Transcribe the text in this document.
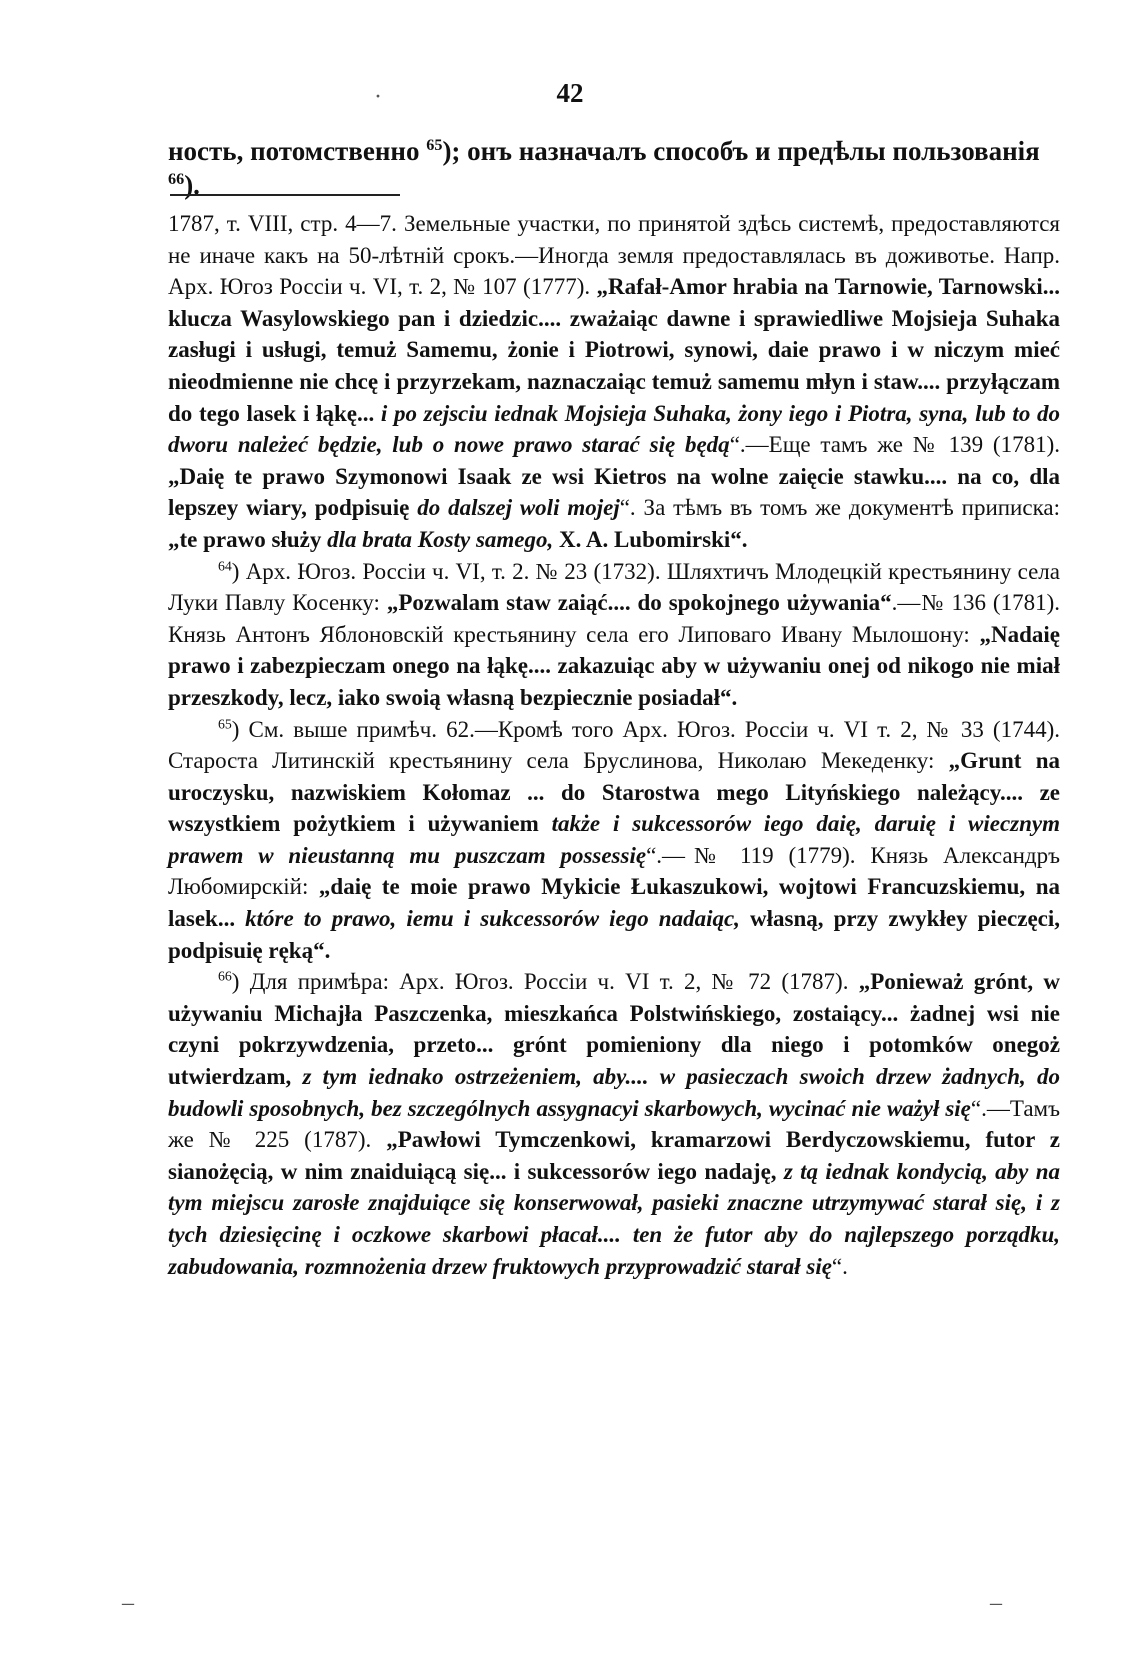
·	42
ность, потомственно $^{65}$); онъ назначалъ способъ и предѣлы пользованія $^{66}$).

1787, т. VIII, стр. 4—7. Земельные участки, по принятой здѣсь системѣ, предоставляются не иначе какъ на 50-лѣтній срокъ.—Иногда земля предоставлялась въ доживотье. Напр. Арх. Югоз Россіи ч. VI, т. 2, № 107 (1777). „Rafał-Amor hrabia na Tarnowie, Tarnowski... klucza Wasylowskiego pan i dziedzic.... zważaiąc dawne i sprawiedliwe Mojsieja Suhaka zasługi i usługi, temuż Samemu, żonie i Piotrowi, synowi, daie prawo i w niczym mieć nieodmienne nie chcę i przyrzekam, naznaczaiąc temuż samemu młyn i staw.... przyłączam do tego lasek i łąkę... i po zejsciu iednak Mojsieja Suhaka, żony iego i Piotra, syna, lub to do dworu należeć będzie, lub o nowe prawo starać się będą“.—Еще тамъ же № 139 (1781). „Daię te prawo Szymonowi Isaak ze wsi Kietros na wolne zaięcie stawku.... na co, dla lepszey wiary, podpisuię do dalszej woli mojej“. За тѣмъ въ томъ же документѣ приписка: „te prawo służy dla brata Kosty samego, X. A. Lubomirski“.

$^{64}$) Арх. Югоз. Россіи ч. VI, т. 2. № 23 (1732). Шляхтичъ Млодецкій крестьянину села Луки Павлу Косенку: „Pozwalam staw zaiąć.... do spokojnego używania“.—№ 136 (1781). Князь Антонъ Яблоновскій крестьянину села его Липоваго Ивану Мылошону: „Nadaię prawo i zabezpieczam onego na łąkę.... zakazuiąc aby w używaniu onej od nikogo nie miał przeszkody, lecz, iako swoią własną bezpiecznie posiadał“.

$^{65}$) См. выше примѣч. 62.—Кромѣ того Арх. Югоз. Россіи ч. VI т. 2, № 33 (1744). Староста Литинскій крестьянину села Бруслинова, Николаю Мекеденку: „Grunt na uroczysku, nazwiskiem Kołomaz ... do Starostwa mego Lityńskiego należący.... ze wszystkiem pożytkiem i używaniem także i sukcessorów iego daię, daruię i wiecznym prawem w nieustanną mu puszczam possessię“.—№ 119 (1779). Князь Александръ Любомирскій: „daię te moie prawo Mykicie Łukaszukowi, wojtowi Francuzskiemu, na lasek... które to prawo, iemu i sukcessorów iego nadaiąc, własną, przy zwykłey pieczęci, podpisuię ręką“.

$^{66}$) Для примѣра: Арх. Югоз. Россіи ч. VI т. 2, № 72 (1787). „Ponieważ grónt, w używaniu Michajła Paszczenka, mieszkańca Polstwińskiego, zostaiący... żadnej wsi nie czyni pokrzywdzenia, przeto... grónt pomieniony dla niego i potomków onegoż utwierdzam, z tym iednako ostrzeżeniem, aby.... w pasieczach swoich drzew żadnych, do budowli sposobnych, bez szczególnych assygnacyi skarbowych, wycinać nie ważył się“.—Тамъ же № 225 (1787). „Pawłowi Tymczenkowi, kramarzowi Berdyczowskiemu, futor z sianożęcią, w nim znaiduiącą się... i sukcessorów iego nadaję, z tą iednak kondycią, aby na tym miejscu zarosłe znajduiące się konserwował, pasieki znaczne utrzymywać starał się, i z tych dziesięcinę i oczkowe skarbowi płacał.... ten że futor aby do najlepszego porządku, zabudowania, rozmnożenia drzew fruktowych przyprowadzić starał się“.

–	–
